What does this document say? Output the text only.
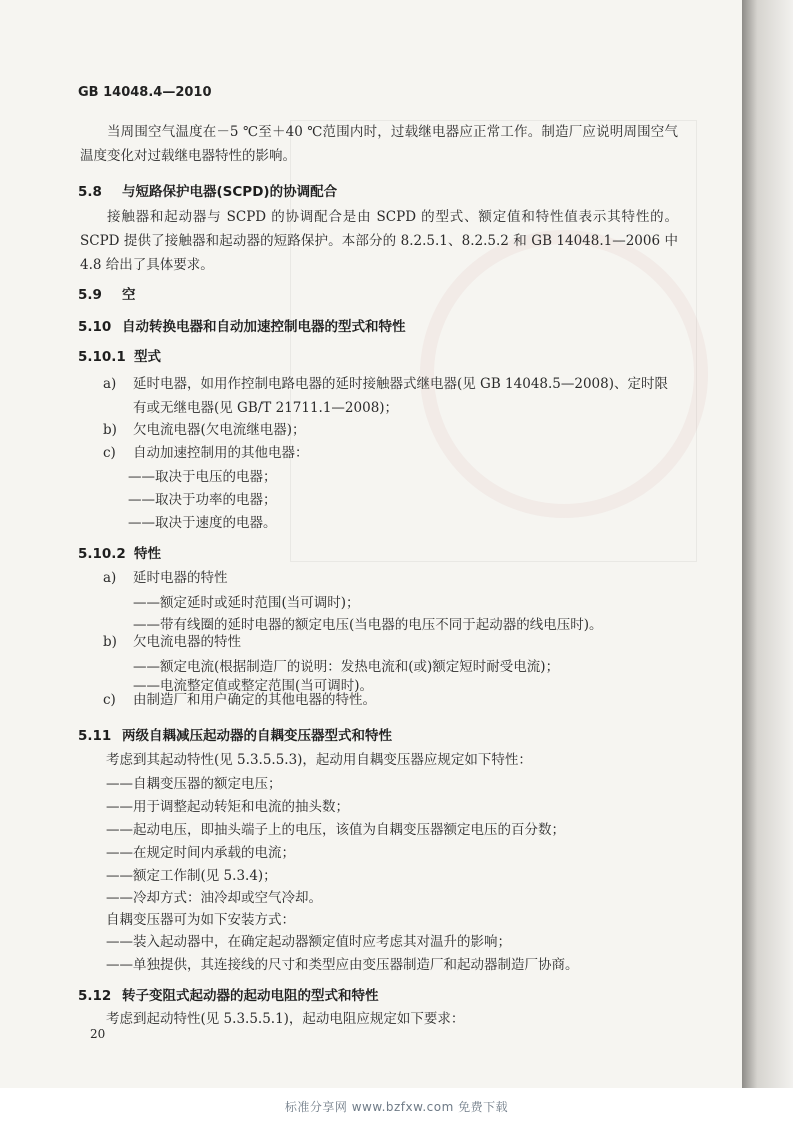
GB 14048.4—2010
当周围空气温度在－5 ℃至＋40 ℃范围内时，过载继电器应正常工作。制造厂应说明周围空气温度变化对过载继电器特性的影响。
5.8 与短路保护电器(SCPD)的协调配合
接触器和起动器与 SCPD 的协调配合是由 SCPD 的型式、额定值和特性值表示其特性的。SCPD 提供了接触器和起动器的短路保护。本部分的 8.2.5.1、8.2.5.2 和 GB 14048.1—2006 中 4.8 给出了具体要求。
5.9 空
5.10 自动转换电器和自动加速控制电器的型式和特性
5.10.1 型式
a)	延时电器，如用作控制电路电器的延时接触器式继电器(见 GB 14048.5—2008)、定时限有或无继电器(见 GB/T 21711.1—2008)；
b)	欠电流电器(欠电流继电器)；
c)	自动加速控制用的其他电器：
——取决于电压的电器；
——取决于功率的电器；
——取决于速度的电器。
5.10.2 特性
a)	延时电器的特性
——额定延时或延时范围(当可调时)；
——带有线圈的延时电器的额定电压(当电器的电压不同于起动器的线电压时)。
b)	欠电流电器的特性
——额定电流(根据制造厂的说明：发热电流和(或)额定短时耐受电流)；
——电流整定值或整定范围(当可调时)。
c)	由制造厂和用户确定的其他电器的特性。
5.11 两级自耦减压起动器的自耦变压器型式和特性
考虑到其起动特性(见 5.3.5.5.3)，起动用自耦变压器应规定如下特性：
——自耦变压器的额定电压；
——用于调整起动转矩和电流的抽头数；
——起动电压，即抽头端子上的电压，该值为自耦变压器额定电压的百分数；
——在规定时间内承载的电流；
——额定工作制(见 5.3.4)；
——冷却方式：油冷却或空气冷却。
自耦变压器可为如下安装方式：
——装入起动器中，在确定起动器额定值时应考虑其对温升的影响；
——单独提供，其连接线的尺寸和类型应由变压器制造厂和起动器制造厂协商。
5.12 转子变阻式起动器的起动电阻的型式和特性
考虑到起动特性(见 5.3.5.5.1)，起动电阻应规定如下要求：
20
标准分享网 www.bzfxw.com 免费下载
